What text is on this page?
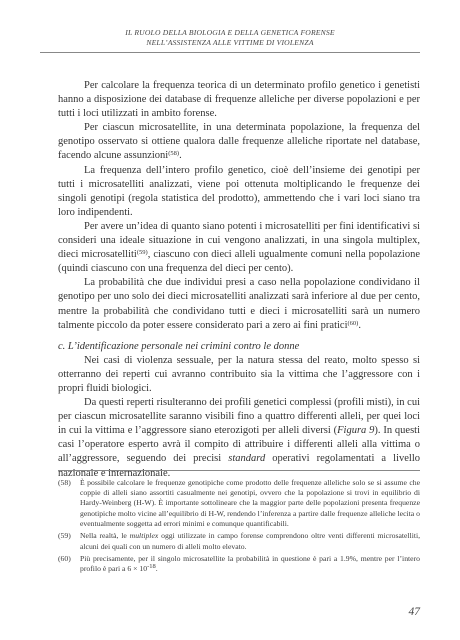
IL RUOLO DELLA BIOLOGIA E DELLA GENETICA FORENSE
NELL’ASSISTENZA ALLE VITTIME DI VIOLENZA

Per calcolare la frequenza teorica di un determinato profilo genetico i genetisti hanno a disposizione dei database di frequenze alleliche per diverse popolazioni e per tutti i loci utilizzati in ambito forense.

Per ciascun microsatellite, in una determinata popolazione, la frequenza del genotipo osservato si ottiene qualora dalle frequenze alleliche riportate nel database, facendo alcune assunzioni$^{(58)}$.

La frequenza dell’intero profilo genetico, cioè dell’insieme dei genotipi per tutti i microsatelliti analizzati, viene poi ottenuta moltiplicando le frequenze dei singoli genotipi (regola statistica del prodotto), ammettendo che i vari loci siano tra loro indipendenti.

Per avere un’idea di quanto siano potenti i microsatelliti per fini identificativi si consideri una ideale situazione in cui vengono analizzati, in una singola multiplex, dieci microsatelliti$^{(59)}$, ciascuno con dieci alleli ugualmente comuni nella popolazione (quindi ciascuno con una frequenza del dieci per cento).

La probabilità che due individui presi a caso nella popolazione condividano il genotipo per uno solo dei dieci microsatelliti analizzati sarà inferiore al due per cento, mentre la probabilità che condividano tutti e dieci i microsatelliti sarà un numero talmente piccolo da poter essere considerato pari a zero ai fini pratici$^{(60)}$.

c. L’identificazione personale nei crimini contro le donne

Nei casi di violenza sessuale, per la natura stessa del reato, molto spesso si otterranno dei reperti cui avranno contribuito sia la vittima che l’aggressore con i propri fluidi biologici.

Da questi reperti risulteranno dei profili genetici complessi (profili misti), in cui per ciascun microsatellite saranno visibili fino a quattro differenti alleli, per quei loci in cui la vittima e l’aggressore siano eterozigoti per alleli diversi (Figura 9). In questi casi l’operatore esperto avrà il compito di attribuire i differenti alleli alla vittima o all’aggressore, seguendo dei precisi standard operativi regolamentati a livello nazionale e internazionale.

(58)	È possibile calcolare le frequenze genotipiche come prodotto delle frequenze alleliche solo se si assume che coppie di alleli siano assortiti casualmente nei genotipi, ovvero che la popolazione si trovi in equilibrio di Hardy-Weinberg (H-W). È importante sottolineare che la maggior parte delle popolazioni presenta frequenze genotipiche molto vicine all’equilibrio di H-W, rendendo l’inferenza a partire dalle frequenze alleliche lecita o eventualmente soggetta ad errori minimi e comunque quantificabili.
(59)	Nella realtà, le multiplex oggi utilizzate in campo forense comprendono oltre venti differenti microsatelliti, alcuni dei quali con un numero di alleli molto elevato.
(60)	Più precisamente, per il singolo microsatellite la probabilità in questione è pari a 1.9%, mentre per l’intero profilo è pari a $6 \times 10^{-18}$.
47
